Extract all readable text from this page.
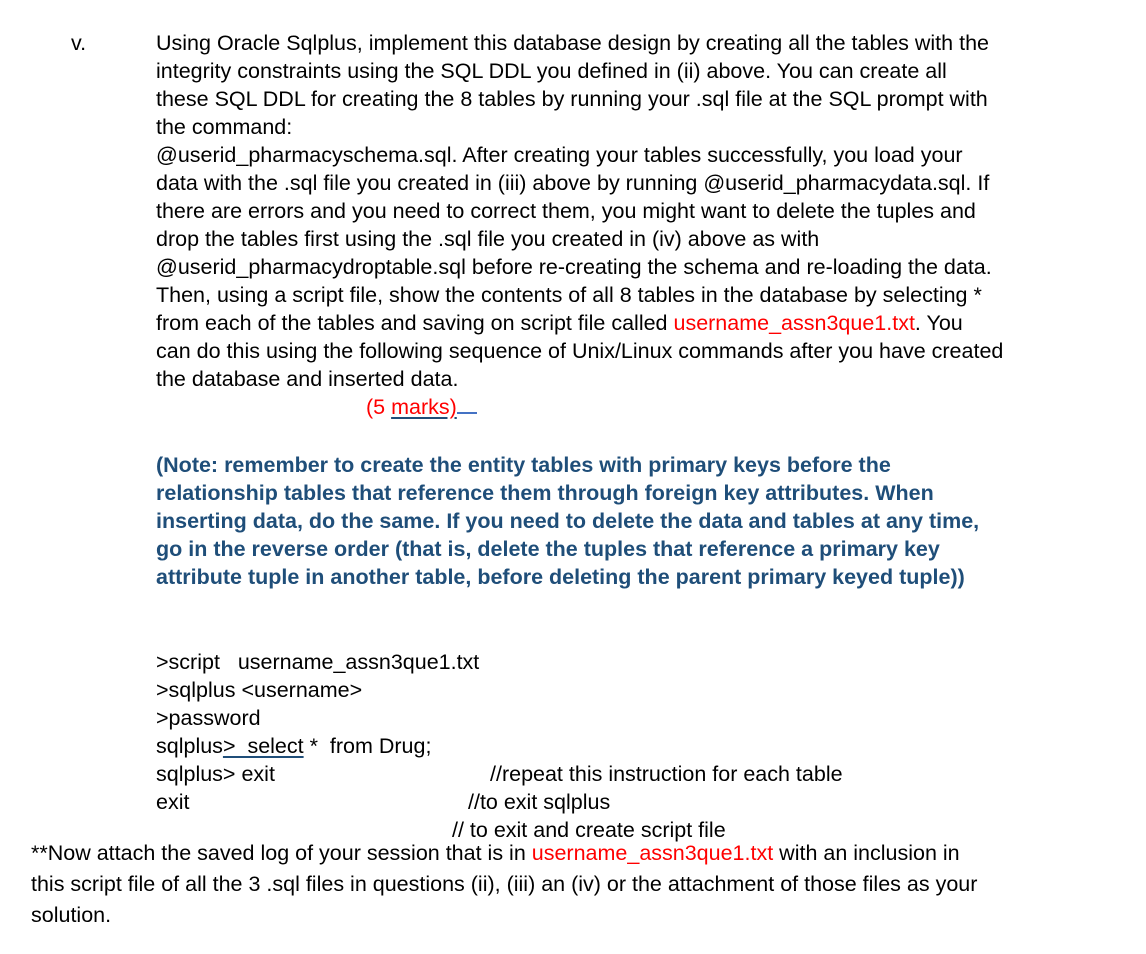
v.	Using Oracle Sqlplus, implement this database design by creating all the tables with the
integrity constraints using the SQL DDL you defined in (ii) above. You can create all
these SQL DDL for creating the 8 tables by running your .sql file at the SQL prompt with
the command:
@userid_pharmacyschema.sql. After creating your tables successfully, you load your
data with the .sql file you created in (iii) above by running @userid_pharmacydata.sql. If
there are errors and you need to correct them, you might want to delete the tuples and
drop the tables first using the .sql file you created in (iv) above as with
@userid_pharmacydroptable.sql before re-creating the schema and re-loading the data.
Then, using a script file, show the contents of all 8 tables in the database by selecting *
from each of the tables and saving on script file called username_assn3que1.txt. You
can do this using the following sequence of Unix/Linux commands after you have created
the database and inserted data.
(5 marks)
(Note: remember to create the entity tables with primary keys before the
relationship tables that reference them through foreign key attributes. When
inserting data, do the same. If you need to delete the data and tables at any time,
go in the reverse order (that is, delete the tuples that reference a primary key
attribute tuple in another table, before deleting the parent primary keyed tuple))

>script   username_assn3que1.txt

>sqlplus <username>

>password

sqlplus>  select *  from Drug;

//repeat this instruction for each table

sqlplus> exit

//to exit sqlplus

exit

// to exit and create script file

**Now attach the saved log of your session that is in username_assn3que1.txt with an inclusion in
this script file of all the 3 .sql files in questions (ii), (iii) an (iv) or the attachment of those files as your
solution.
